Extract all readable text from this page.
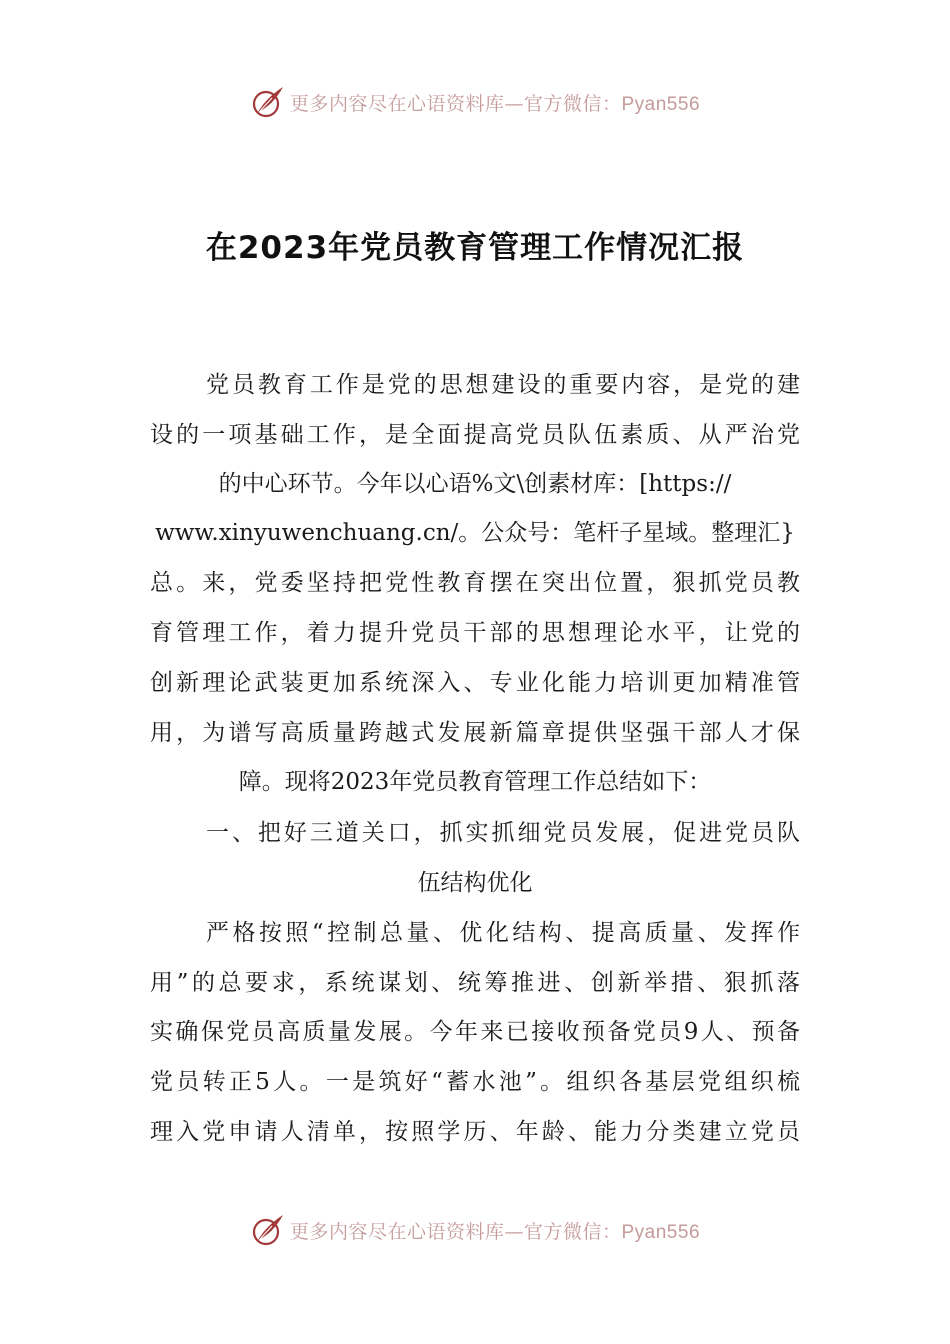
更多内容尽在心语资料库—官方微信：Pyan556
在2023年党员教育管理工作情况汇报
党员教育工作是党的思想建设的重要内容，是党的建
设的一项基础工作，是全面提高党员队伍素质、从严治党
的中心环节。今年以心语%文\创素材库：[https://
www.xinyuwenchuang.cn/。公众号：笔杆子星域。整理汇}
总。来，党委坚持把党性教育摆在突出位置，狠抓党员教
育管理工作，着力提升党员干部的思想理论水平，让党的
创新理论武装更加系统深入、专业化能力培训更加精准管
用，为谱写高质量跨越式发展新篇章提供坚强干部人才保
障。现将2023年党员教育管理工作总结如下：
一、把好三道关口，抓实抓细党员发展，促进党员队
伍结构优化
严格按照“控制总量、优化结构、提高质量、发挥作
用”的总要求，系统谋划、统筹推进、创新举措、狠抓落
实确保党员高质量发展。今年来已接收预备党员9人、预备
党员转正5人。一是筑好“蓄水池”。组织各基层党组织梳
理入党申请人清单，按照学历、年龄、能力分类建立党员
更多内容尽在心语资料库—官方微信：Pyan556
